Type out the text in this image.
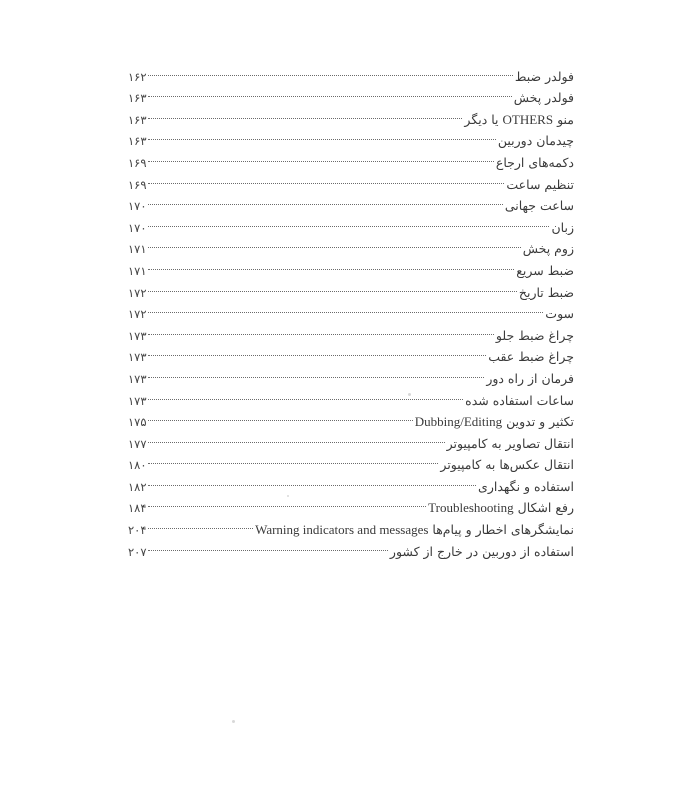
فولدر ضبط
۱۶۲
فولدر پخش
۱۶۳
منو OTHERS یا دیگر
۱۶۳
چیدمان دوربین
۱۶۳
دکمه‌های ارجاع
۱۶۹
تنظیم ساعت
۱۶۹
ساعت جهانی
۱۷۰
زبان
۱۷۰
زوم پخش
۱۷۱
ضبط سریع
۱۷۱
ضبط تاریخ
۱۷۲
سوت
۱۷۲
چراغ ضبط جلو
۱۷۳
چراغ ضبط عقب
۱۷۳
فرمان از راه دور
۱۷۳
ساعات استفاده شده
۱۷۳
تکثیر و تدوین Dubbing/Editing
۱۷۵
انتقال تصاویر به کامپیوتر
۱۷۷
انتقال عکس‌ها به کامپیوتر
۱۸۰
استفاده و نگهداری
۱۸۲
رفع اشکال Troubleshooting
۱۸۴
نمایشگرهای اخطار و پیام‌ها Warning indicators and messages
۲۰۴
استفاده از دوربین در خارج از کشور
۲۰۷
